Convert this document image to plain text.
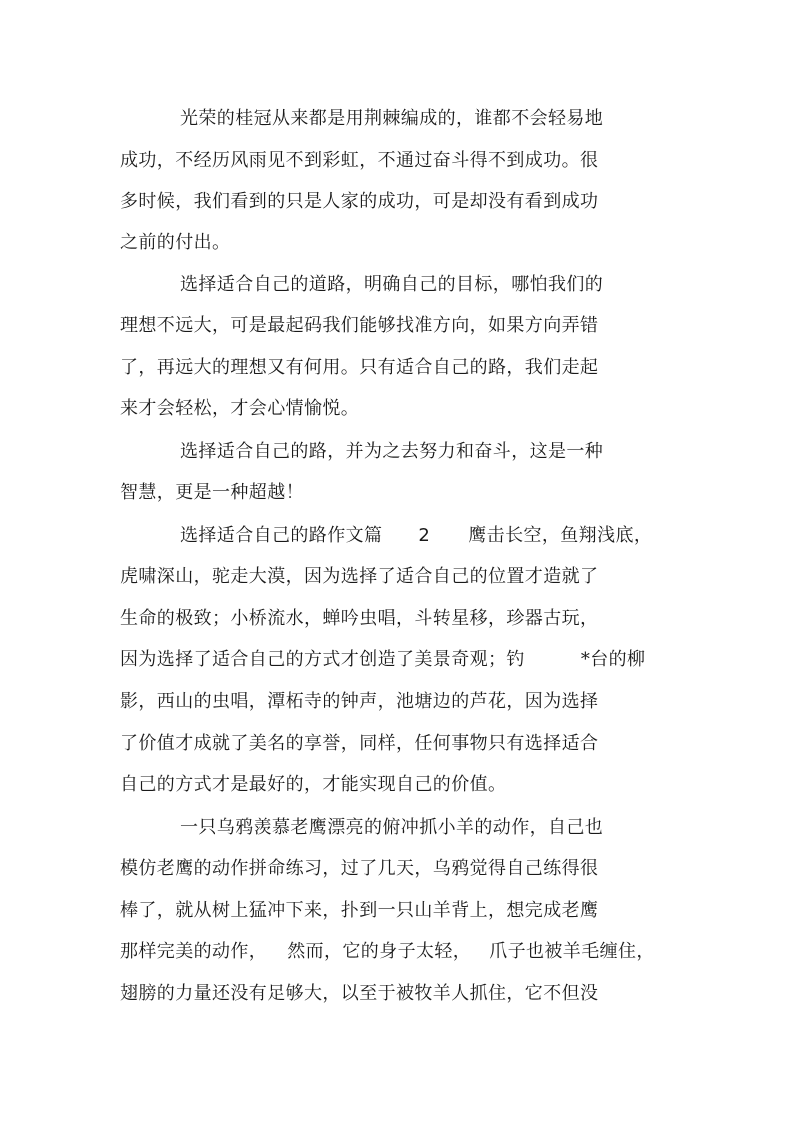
光荣的桂冠从来都是用荆棘编成的，谁都不会轻易地
成功，不经历风雨见不到彩虹，不通过奋斗得不到成功。很
多时候，我们看到的只是人家的成功，可是却没有看到成功
之前的付出。
选择适合自己的道路，明确自己的目标，哪怕我们的
理想不远大，可是最起码我们能够找准方向，如果方向弄错
了，再远大的理想又有何用。只有适合自己的路，我们走起
来才会轻松，才会心情愉悦。
选择适合自己的路，并为之去努力和奋斗，这是一种
智慧，更是一种超越！
选择适合自己的路作文篇 2 鹰击长空，鱼翔浅底，
虎啸深山，驼走大漠，因为选择了适合自己的位置才造就了
生命的极致；小桥流水，蝉吟虫唱，斗转星移，珍器古玩，
因为选择了适合自己的方式才创造了美景奇观；钓	*台的柳
影，西山的虫唱，潭柘寺的钟声，池塘边的芦花，因为选择
了价值才成就了美名的享誉，同样，任何事物只有选择适合
自己的方式才是最好的，才能实现自己的价值。
一只乌鸦羡慕老鹰漂亮的俯冲抓小羊的动作，自己也
模仿老鹰的动作拼命练习，过了几天，乌鸦觉得自己练得很
棒了，就从树上猛冲下来，扑到一只山羊背上，想完成老鹰
那样完美的动作， 然而，它的身子太轻， 爪子也被羊毛缠住，
翅膀的力量还没有足够大，以至于被牧羊人抓住，它不但没
